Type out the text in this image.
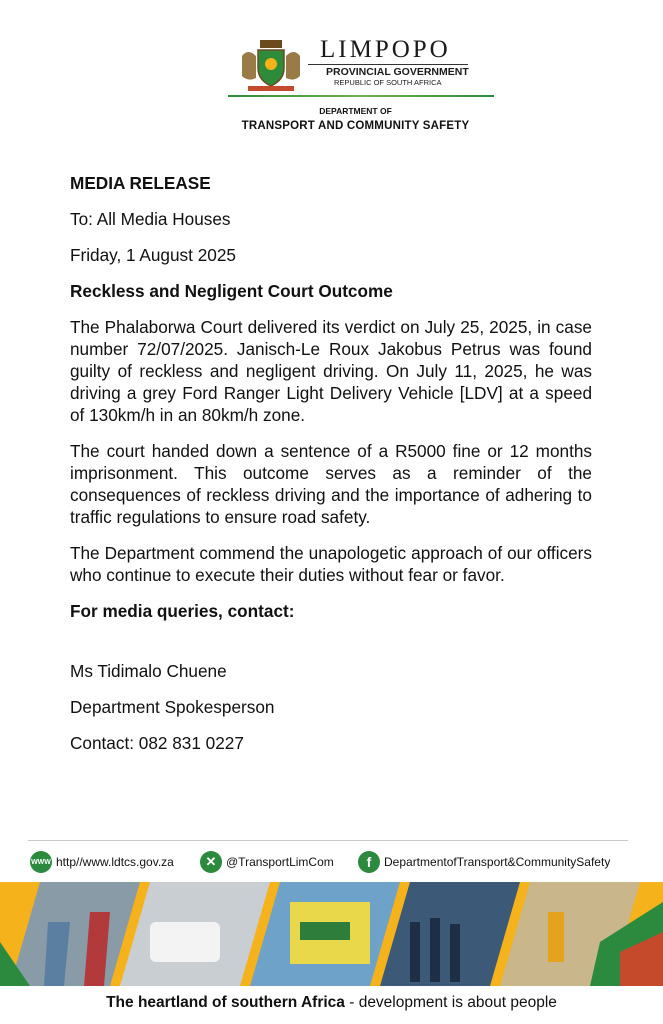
LIMPOPO
PROVINCIAL GOVERNMENT
REPUBLIC OF SOUTH AFRICA
DEPARTMENT OF
TRANSPORT AND COMMUNITY SAFETY
MEDIA RELEASE
To: All Media Houses
Friday, 1 August 2025
Reckless and Negligent Court Outcome
The Phalaborwa Court delivered its verdict on July 25, 2025, in case number 72/07/2025. Janisch-Le Roux Jakobus Petrus was found guilty of reckless and negligent driving. On July 11, 2025, he was driving a grey Ford Ranger Light Delivery Vehicle [LDV] at a speed of 130km/h in an 80km/h zone.
The court handed down a sentence of a R5000 fine or 12 months imprisonment. This outcome serves as a reminder of the consequences of reckless driving and the importance of adhering to traffic regulations to ensure road safety.
The Department commend the unapologetic approach of our officers who continue to execute their duties without fear or favor.
For media queries, contact:
Ms Tidimalo Chuene
Department Spokesperson
Contact: 082 831 0227
WWW http//www.ldtcs.gov.za	✕ @TransportLimCom	f	DepartmentofTransport&CommunitySafety
The heartland of southern Africa - development is about people
